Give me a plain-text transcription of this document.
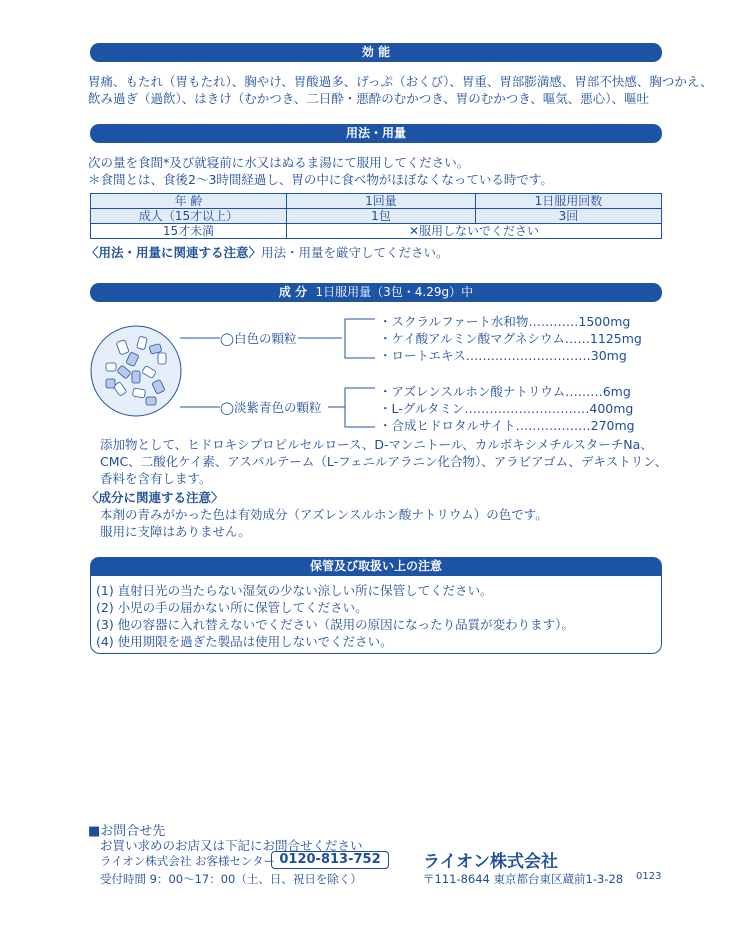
効 能
胃痛、もたれ（胃もたれ）、胸やけ、胃酸過多、げっぷ（おくび）、胃重、胃部膨満感、胃部不快感、胸つかえ、
飲み過ぎ（過飲）、はきけ（むかつき、二日酔・悪酔のむかつき、胃のむかつき、嘔気、悪心）、嘔吐
用法・用量
次の量を食間*及び就寝前に水又はぬるま湯にて服用してください。
＊食間とは、食後2〜3時間経過し、胃の中に食べ物がほぼなくなっている時です。
年 齢	1回量	1日服用回数
成人（15才以上）	1包	3回
15才未満	✕服用しないでください	
〈用法・用量に関連する注意〉用法・用量を厳守してください。
成 分 1日服用量（3包・4.29g）中
◯白色の顆粒
◯淡紫青色の顆粒
・スクラルファート水和物…………1500mg
・ケイ酸アルミン酸マグネシウム……1125mg
・ロートエキス…………………………30mg
・アズレンスルホン酸ナトリウム………6mg
・L-グルタミン…………………………400mg
・合成ヒドロタルサイト………………270mg
添加物として、ヒドロキシプロピルセルロース、D-マンニトール、カルボキシメチルスターチNa、
CMC、二酸化ケイ素、アスパルテーム（L-フェニルアラニン化合物）、アラビアゴム、デキストリン、
香料を含有します。
〈成分に関連する注意〉
本剤の青みがかった色は有効成分（アズレンスルホン酸ナトリウム）の色です。
服用に支障はありません。
保管及び取扱い上の注意
(1) 直射日光の当たらない湿気の少ない涼しい所に保管してください。
(2) 小児の手の届かない所に保管してください。
(3) 他の容器に入れ替えないでください（誤用の原因になったり品質が変わります）。
(4) 使用期限を過ぎた製品は使用しないでください。
■お問合せ先
お買い求めのお店又は下記にお問合せください
ライオン株式会社 お客様センター 0120-813-752
受付時間 9：00〜17：00（土、日、祝日を除く）
ライオン株式会社
〒111-8644 東京都台東区蔵前1-3-28 0123
